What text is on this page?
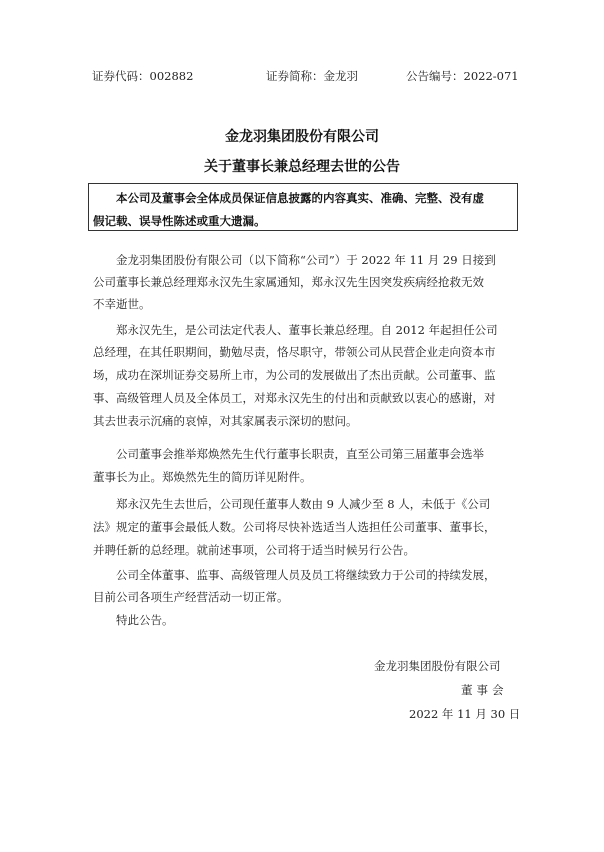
证券代码：002882	证券简称：金龙羽	公告编号：2022-071
金龙羽集团股份有限公司
关于董事长兼总经理去世的公告
本公司及董事会全体成员保证信息披露的内容真实、准确、完整、没有虚
假记载、误导性陈述或重大遗漏。
金龙羽集团股份有限公司（以下简称“公司”）于 2022 年 11 月 29 日接到
公司董事长兼总经理郑永汉先生家属通知，郑永汉先生因突发疾病经抢救无效
不幸逝世。
郑永汉先生，是公司法定代表人、董事长兼总经理。自 2012 年起担任公司
总经理，在其任职期间，勤勉尽责，恪尽职守，带领公司从民营企业走向资本市
场，成功在深圳证券交易所上市，为公司的发展做出了杰出贡献。公司董事、监
事、高级管理人员及全体员工，对郑永汉先生的付出和贡献致以衷心的感谢，对
其去世表示沉痛的哀悼，对其家属表示深切的慰问。
公司董事会推举郑焕然先生代行董事长职责，直至公司第三届董事会选举
董事长为止。郑焕然先生的简历详见附件。
郑永汉先生去世后，公司现任董事人数由 9 人减少至 8 人，未低于《公司
法》规定的董事会最低人数。公司将尽快补选适当人选担任公司董事、董事长，
并聘任新的总经理。就前述事项，公司将于适当时候另行公告。
公司全体董事、监事、高级管理人员及员工将继续致力于公司的持续发展，
目前公司各项生产经营活动一切正常。
特此公告。
金龙羽集团股份有限公司
董事会
2022 年 11 月 30 日
